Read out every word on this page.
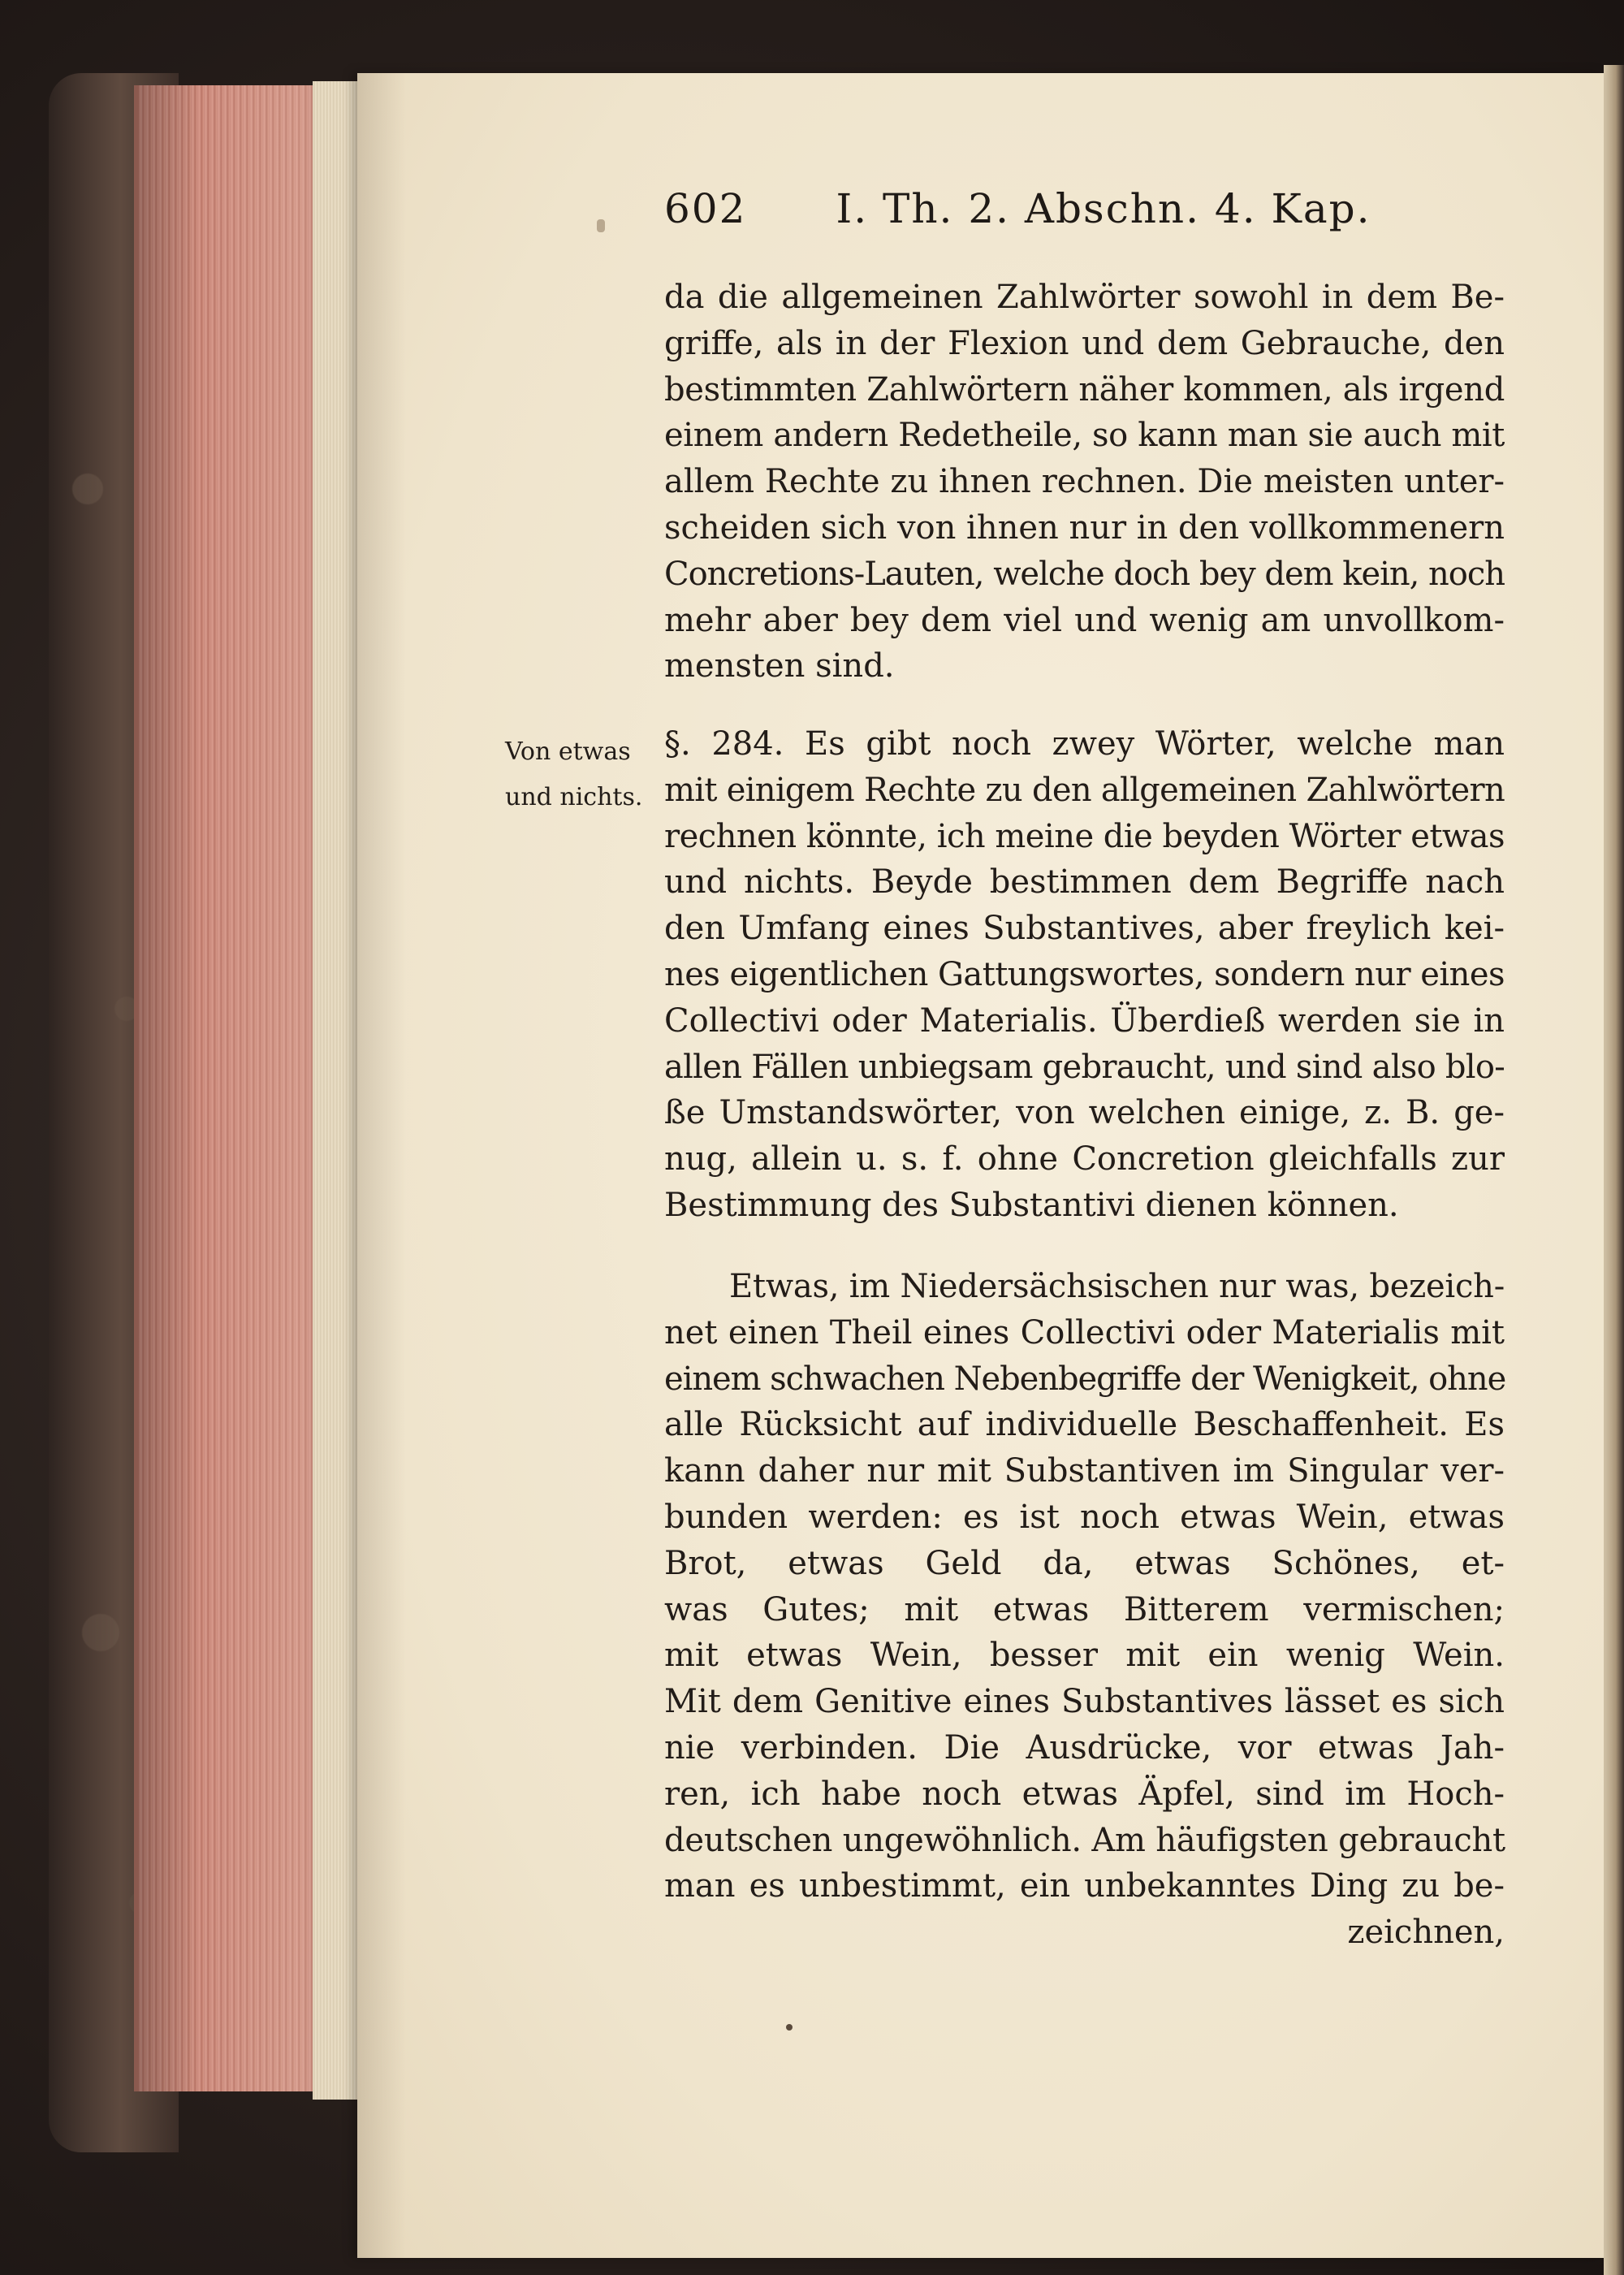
602 I. Th. 2. Abschn. 4. Kap.
Von etwas
und nichts.
da die allgemeinen Zahlwörter sowohl in dem Be-
griffe, als in der Flexion und dem Gebrauche, den
bestimmten Zahlwörtern näher kommen, als irgend
einem andern Redetheile, so kann man sie auch mit
allem Rechte zu ihnen rechnen. Die meisten unter-
scheiden sich von ihnen nur in den vollkommenern
Concretions-Lauten, welche doch bey dem kein, noch
mehr aber bey dem viel und wenig am unvollkom-
mensten sind.
§. 284. Es gibt noch zwey Wörter, welche man
mit einigem Rechte zu den allgemeinen Zahlwörtern
rechnen könnte, ich meine die beyden Wörter etwas
und nichts. Beyde bestimmen dem Begriffe nach
den Umfang eines Substantives, aber freylich kei-
nes eigentlichen Gattungswortes, sondern nur eines
Collectivi oder Materialis. Überdieß werden sie in
allen Fällen unbiegsam gebraucht, und sind also blo-
ße Umstandswörter, von welchen einige, z. B. ge-
nug, allein u. s. f. ohne Concretion gleichfalls zur
Bestimmung des Substantivi dienen können.
Etwas, im Niedersächsischen nur was, bezeich-
net einen Theil eines Collectivi oder Materialis mit
einem schwachen Nebenbegriffe der Wenigkeit, ohne
alle Rücksicht auf individuelle Beschaffenheit. Es
kann daher nur mit Substantiven im Singular ver-
bunden werden: es ist noch etwas Wein, etwas
Brot, etwas Geld da, etwas Schönes, et-
was Gutes; mit etwas Bitterem vermischen;
mit etwas Wein, besser mit ein wenig Wein.
Mit dem Genitive eines Substantives lässet es sich
nie verbinden. Die Ausdrücke, vor etwas Jah-
ren, ich habe noch etwas Äpfel, sind im Hoch-
deutschen ungewöhnlich. Am häufigsten gebraucht
man es unbestimmt, ein unbekanntes Ding zu be-
zeichnen,
